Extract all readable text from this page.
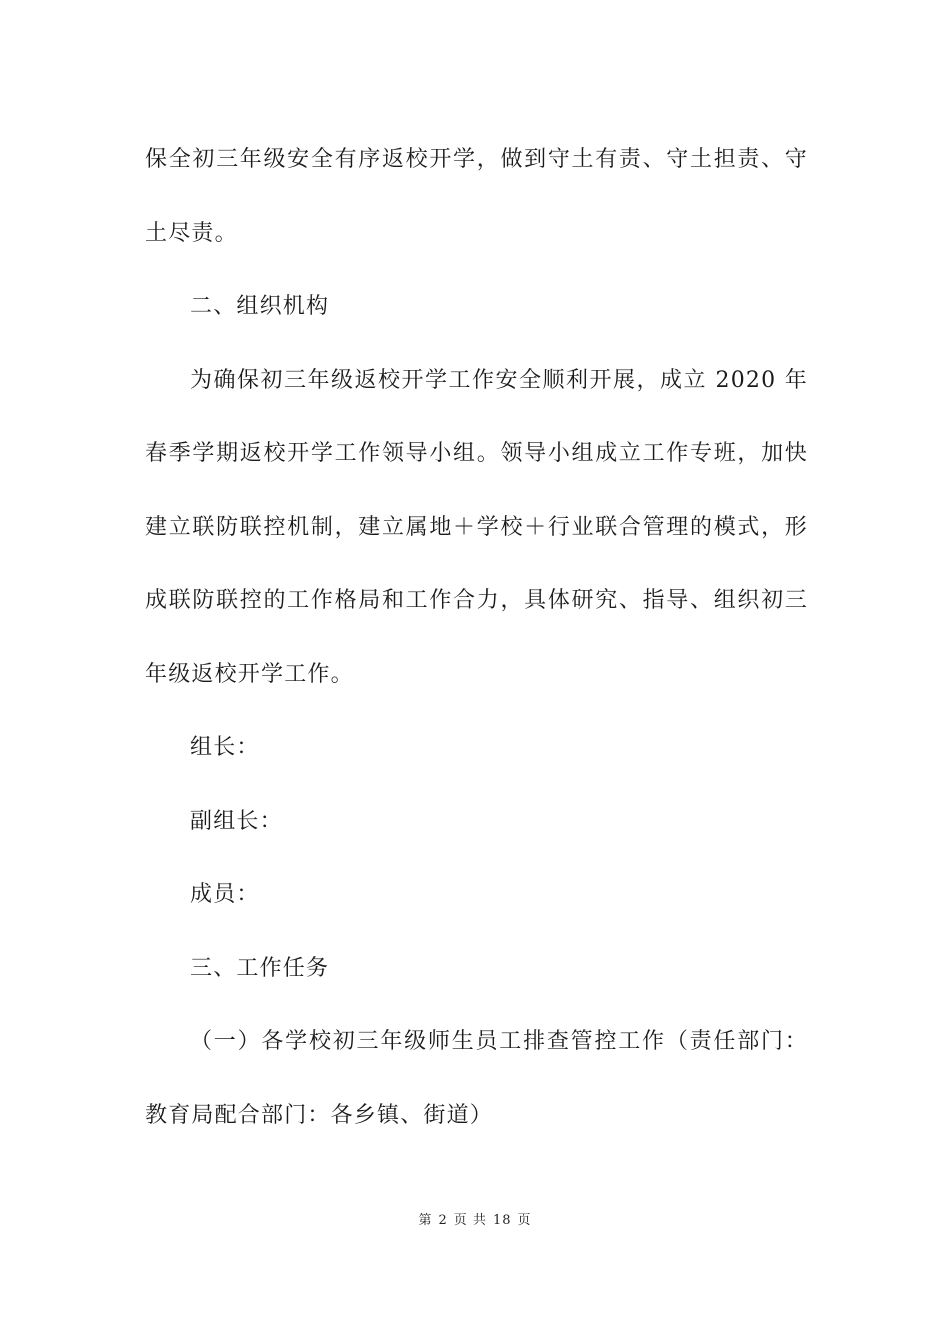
保全初三年级安全有序返校开学，做到守土有责、守土担责、守土尽责。

二、组织机构

为确保初三年级返校开学工作安全顺利开展，成立 2020 年春季学期返校开学工作领导小组。领导小组成立工作专班，加快建立联防联控机制，建立属地＋学校＋行业联合管理的模式，形成联防联控的工作格局和工作合力，具体研究、指导、组织初三年级返校开学工作。

组长：

副组长：

成员：

三、工作任务

（一）各学校初三年级师生员工排查管控工作（责任部门：教育局配合部门：各乡镇、街道）

第 2 页 共 18 页
